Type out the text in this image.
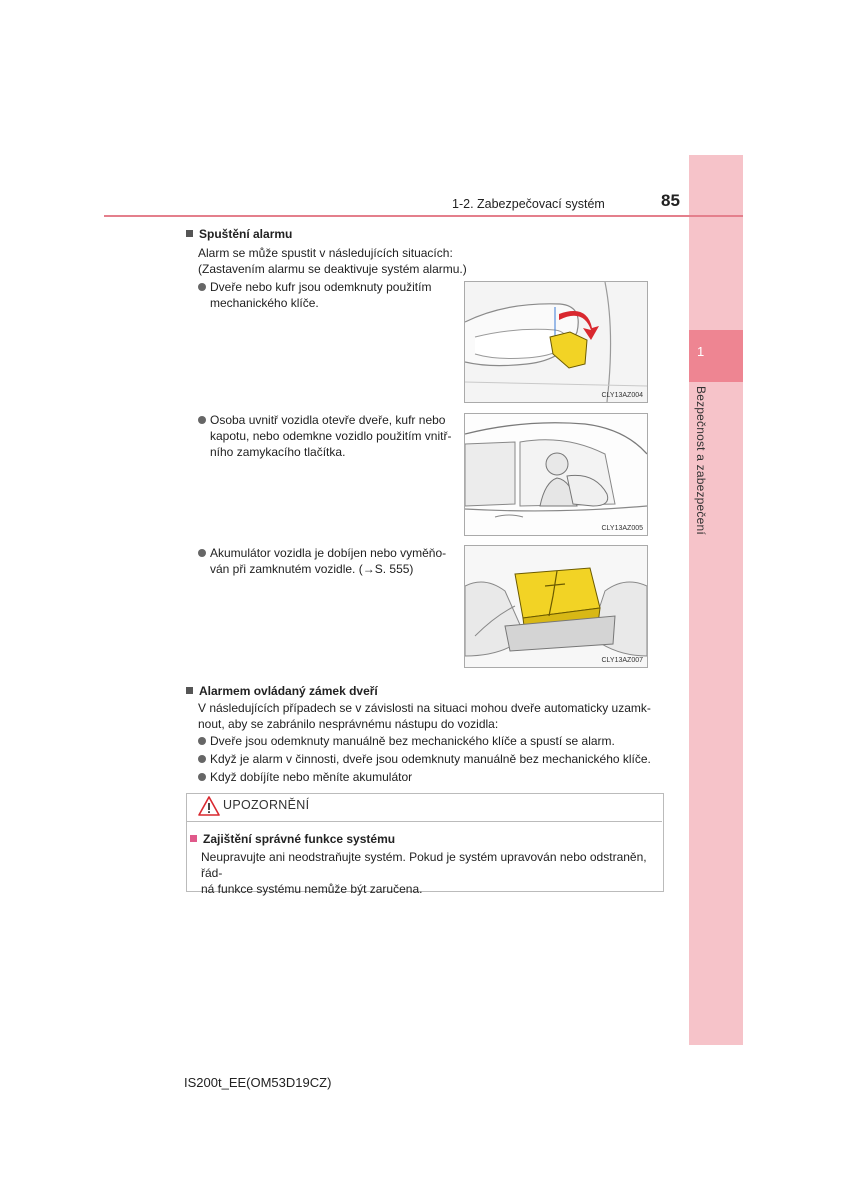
1
Bezpečnost a zabezpečení
1-2. Zabezpečovací systém	85
Spuštění alarmu
Alarm se může spustit v následujících situacích:
(Zastavením alarmu se deaktivuje systém alarmu.)
Dveře nebo kufr jsou odemknuty použitím
mechanického klíče.
CLY13AZ004
Osoba uvnitř vozidla otevře dveře, kufr nebo
kapotu, nebo odemkne vozidlo použitím vnitř-
ního zamykacího tlačítka.
CLY13AZ005
Akumulátor vozidla je dobíjen nebo vyměňo-
ván při zamknutém vozidle. (→S. 555)
CLY13AZ007
Alarmem ovládaný zámek dveří
V následujících případech se v závislosti na situaci mohou dveře automaticky uzamk-
nout, aby se zabránilo nesprávnému nástupu do vozidla:
Dveře jsou odemknuty manuálně bez mechanického klíče a spustí se alarm.
Když je alarm v činnosti, dveře jsou odemknuty manuálně bez mechanického klíče.
Když dobíjíte nebo měníte akumulátor
UPOZORNĚNÍ
Zajištění správné funkce systému
Neupravujte ani neodstraňujte systém. Pokud je systém upravován nebo odstraněn, řád-
ná funkce systému nemůže být zaručena.
IS200t_EE(OM53D19CZ)
